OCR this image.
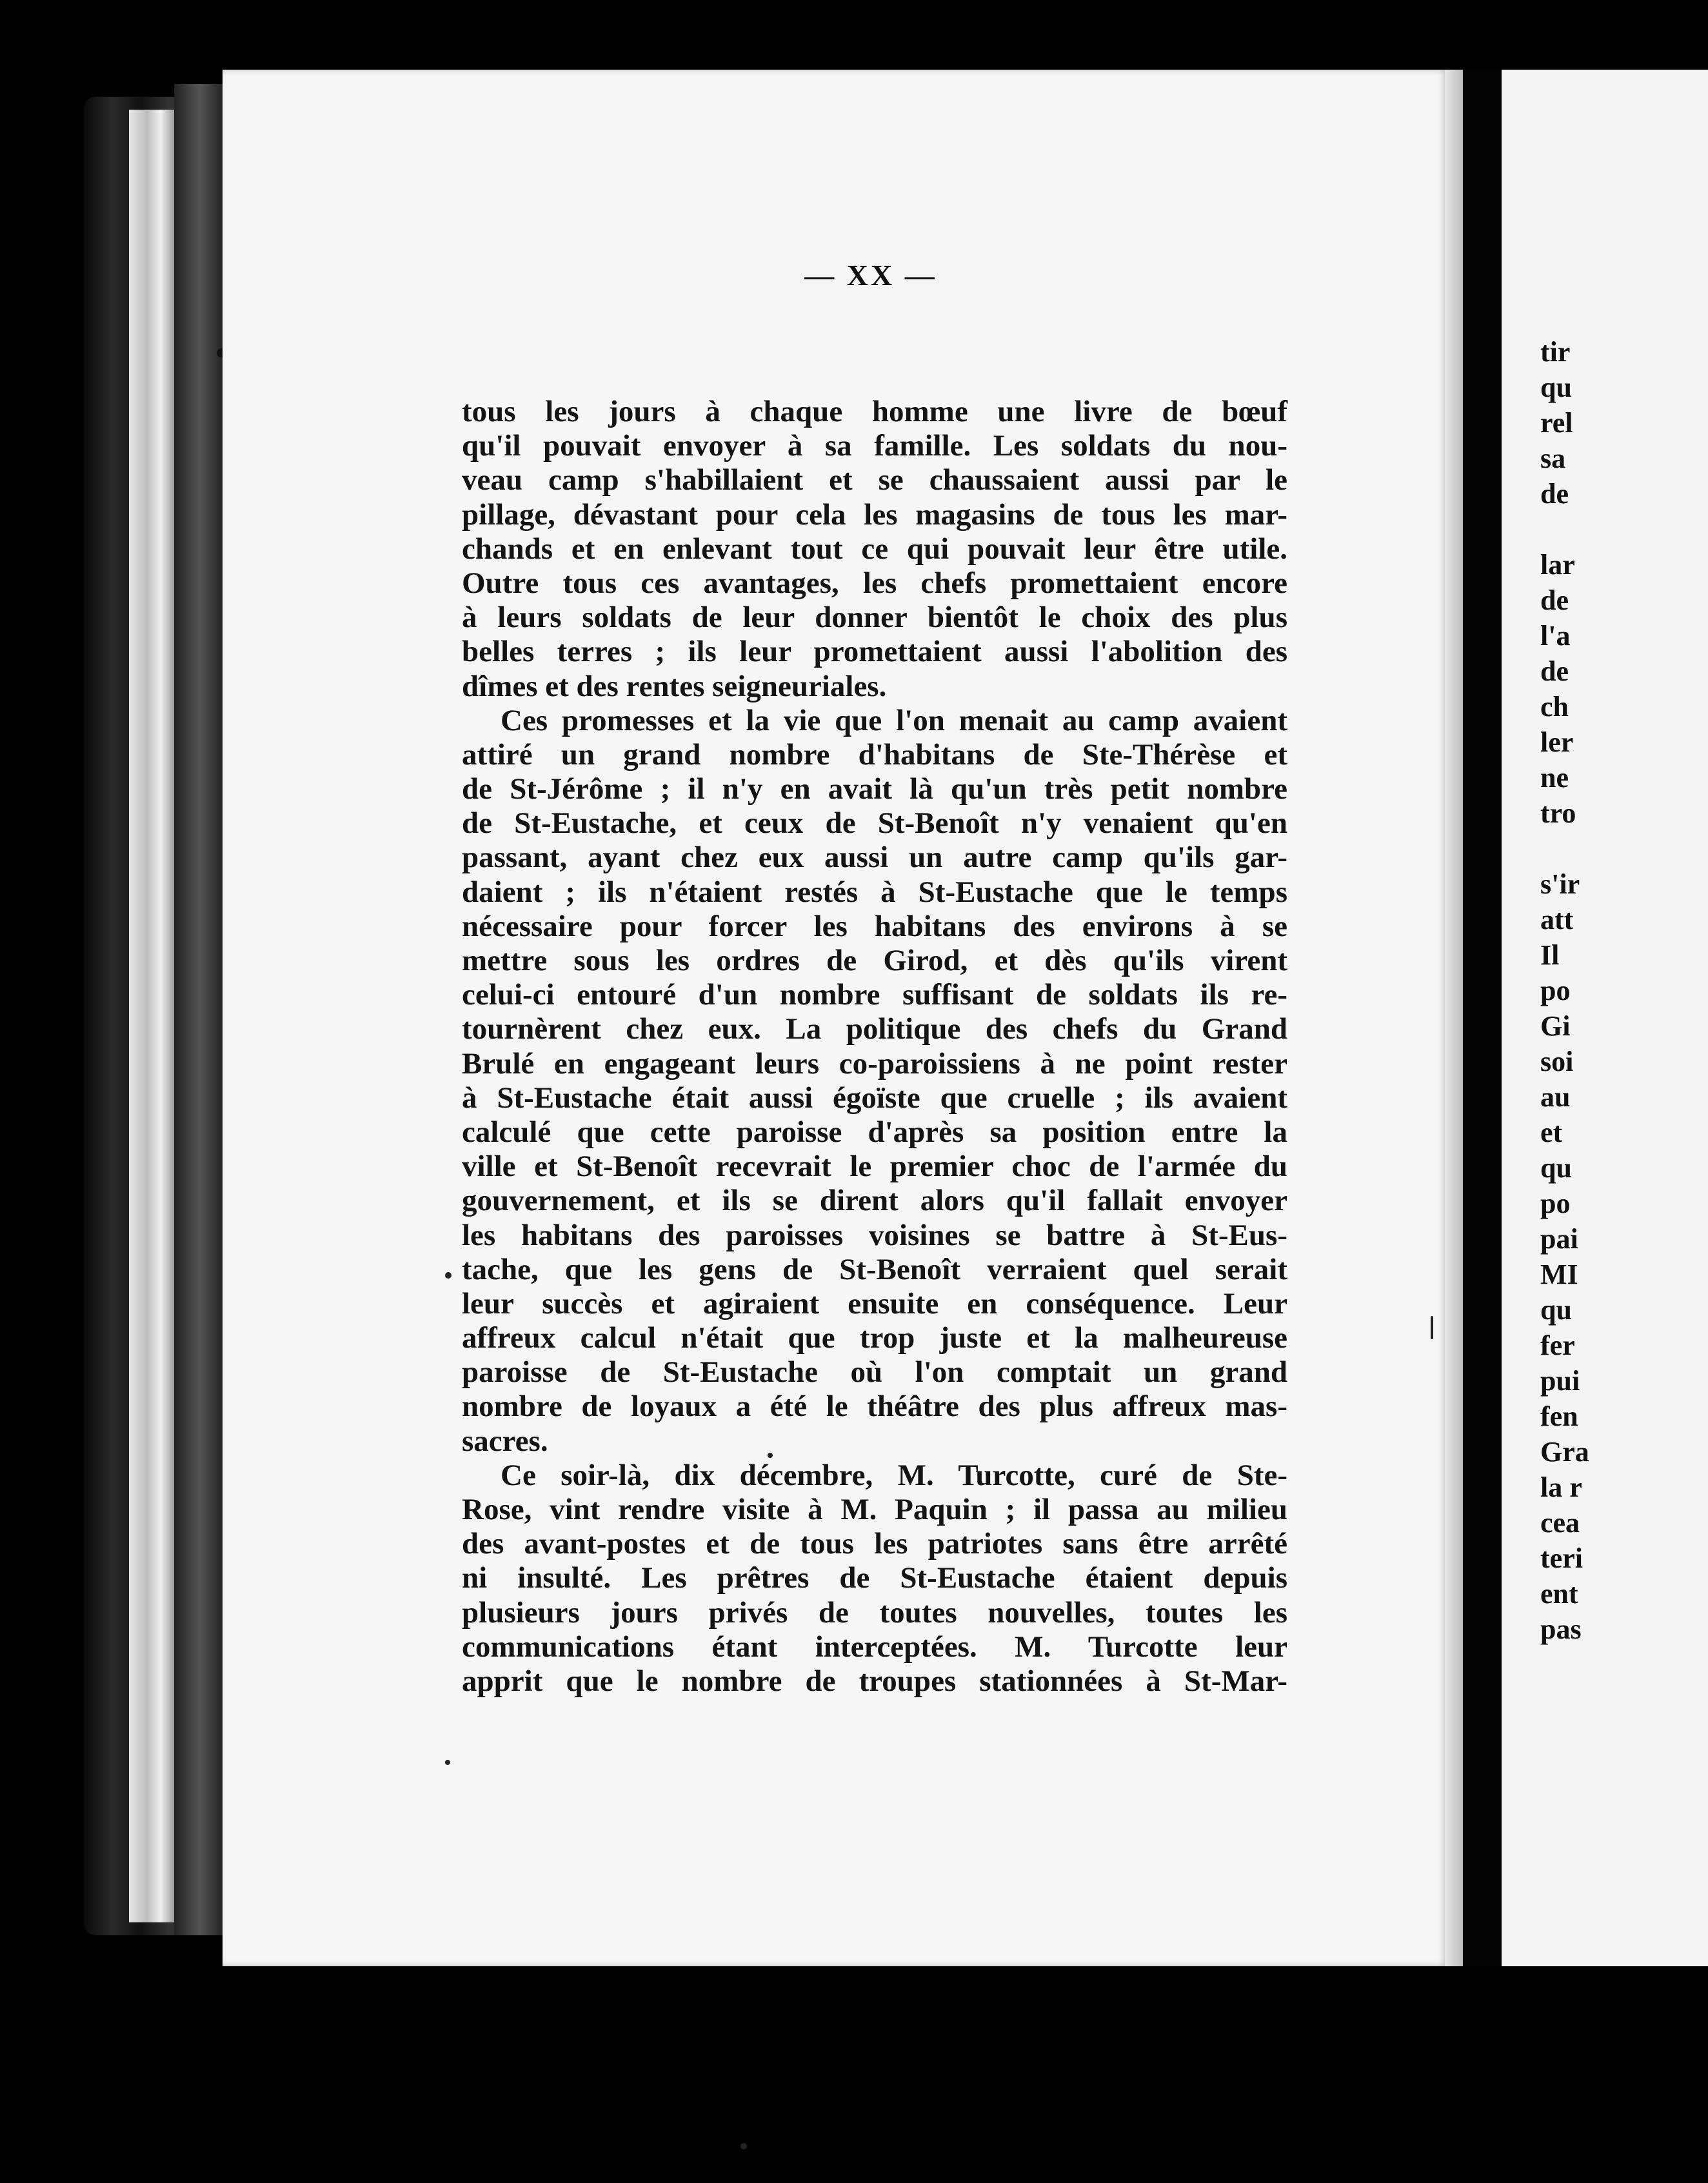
tir
qu
rel
sa
de
lar
de
l'a
de
ch
ler
ne
tro
s'ir
att
Il
po
Gi
soi
au
et
qu
po
pai
MI
qu
fer
pui
fen
Gra
la r
cea
teri
ent
pas
— XX —
tous les jours à chaque homme une livre de bœuf
qu'il pouvait envoyer à sa famille. Les soldats du nou-
veau camp s'habillaient et se chaussaient aussi par le
pillage, dévastant pour cela les magasins de tous les mar-
chands et en enlevant tout ce qui pouvait leur être utile.
Outre tous ces avantages, les chefs promettaient encore
à leurs soldats de leur donner bientôt le choix des plus
belles terres ; ils leur promettaient aussi l'abolition des
dîmes et des rentes seigneuriales.
Ces promesses et la vie que l'on menait au camp avaient
attiré un grand nombre d'habitans de Ste-Thérèse et
de St-Jérôme ; il n'y en avait là qu'un très petit nombre
de St-Eustache, et ceux de St-Benoît n'y venaient qu'en
passant, ayant chez eux aussi un autre camp qu'ils gar-
daient ; ils n'étaient restés à St-Eustache que le temps
nécessaire pour forcer les habitans des environs à se
mettre sous les ordres de Girod, et dès qu'ils virent
celui-ci entouré d'un nombre suffisant de soldats ils re-
tournèrent chez eux. La politique des chefs du Grand
Brulé en engageant leurs co-paroissiens à ne point rester
à St-Eustache était aussi égoïste que cruelle ; ils avaient
calculé que cette paroisse d'après sa position entre la
ville et St-Benoît recevrait le premier choc de l'armée du
gouvernement, et ils se dirent alors qu'il fallait envoyer
les habitans des paroisses voisines se battre à St-Eus-
tache, que les gens de St-Benoît verraient quel serait
leur succès et agiraient ensuite en conséquence. Leur
affreux calcul n'était que trop juste et la malheureuse
paroisse de St-Eustache où l'on comptait un grand
nombre de loyaux a été le théâtre des plus affreux mas-
sacres.
Ce soir-là, dix décembre, M. Turcotte, curé de Ste-
Rose, vint rendre visite à M. Paquin ; il passa au milieu
des avant-postes et de tous les patriotes sans être arrêté
ni insulté. Les prêtres de St-Eustache étaient depuis
plusieurs jours privés de toutes nouvelles, toutes les
communications étant interceptées. M. Turcotte leur
apprit que le nombre de troupes stationnées à St-Mar-
